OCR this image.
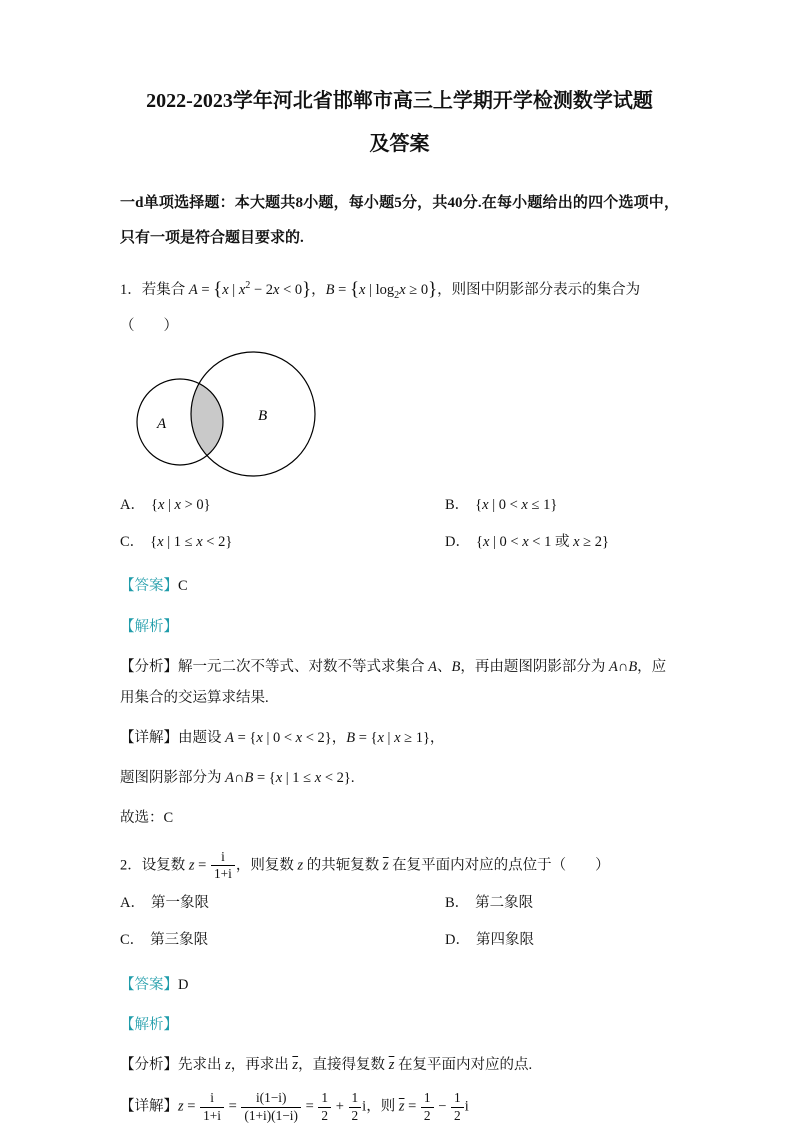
2022-2023学年河北省邯郸市高三上学期开学检测数学试题
及答案

一d单项选择题：本大题共8小题，每小题5分，共40分.在每小题给出的四个选项中，只有一项是符合题目要求的.

1．若集合 A = {x | $x^2 - 2x < 0$}，B = {x | $\log_2x \ge 0$}，则图中阴影部分表示的集合为（  ）

A	B

A． {x | x > 0}	B． {x | 0 < x ≤ 1}

C． {x | 1 ≤ x < 2}	D． {x | 0 < x < 1 或 x ≥ 2}

【答案】C

【解析】

【分析】解一元二次不等式、对数不等式求集合 A、B，再由题图阴影部分为 A∩B，应用集合的交运算求结果.

【详解】由题设 A = {x | 0 < x < 2}，B = {x | x ≥ 1}，

题图阴影部分为 A∩B = {x | 1 ≤ x < 2}.

故选：C

2．设复数 $z = \frac{i}{1+i}$ ，则复数 z 的共轭复数 $\overline{z}$ 在复平面内对应的点位于（  ）

A． 第一象限	B． 第二象限

C． 第三象限	D． 第四象限

【答案】D

【解析】

【分析】先求出 z，再求出 $\overline{z}$，直接得复数 $\overline{z}$ 在复平面内对应的点.

【详解】$z = \frac{i}{1+i} = \frac{i(1-i)}{(1+i)(1-i)} = \frac{1}{2} + \frac{1}{2}$ i，则 $\overline{z} = \frac{1}{2} - \frac{1}{2}$ i
